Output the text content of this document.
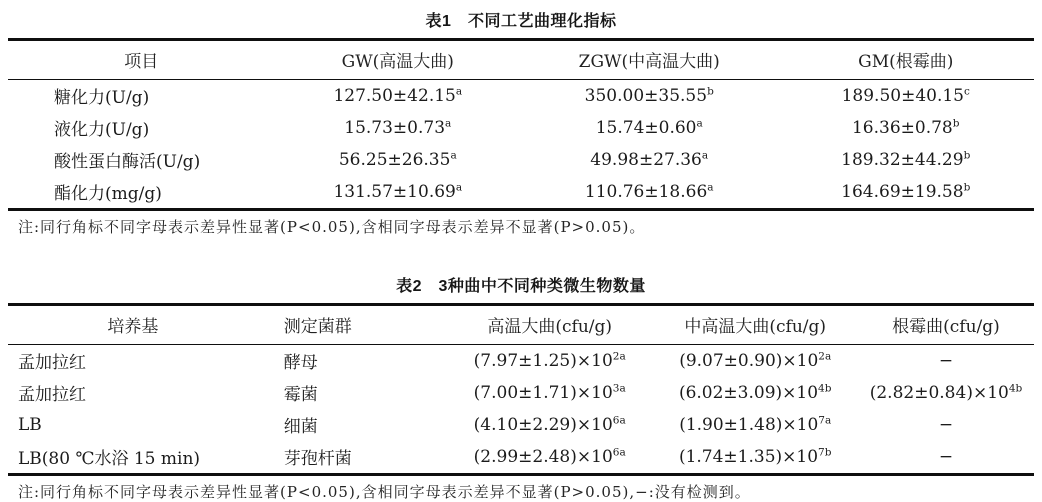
表1　不同工艺曲理化指标
项目	GW(高温大曲)	ZGW(中高温大曲)	GM(根霉曲)
糖化力(U/g)	127.50±42.15$^a$	350.00±35.55$^b$	189.50±40.15$^c$
液化力(U/g)	15.73±0.73$^a$	15.74±0.60$^a$	16.36±0.78$^b$
酸性蛋白酶活(U/g)	56.25±26.35$^a$	49.98±27.36$^a$	189.32±44.29$^b$
酯化力(mg/g)	131.57±10.69$^a$	110.76±18.66$^a$	164.69±19.58$^b$
注:同行角标不同字母表示差异性显著(P<0.05),含相同字母表示差异不显著(P>0.05)。
表2　3种曲中不同种类微生物数量
培养基	测定菌群	高温大曲(cfu/g)	中高温大曲(cfu/g)	根霉曲(cfu/g)
孟加拉红	酵母	$(7.97\pm 1.25)\times 10^{2a}$	$(9.07\pm 0.90)\times 10^{2a}$	−
孟加拉红	霉菌	$(7.00\pm 1.71)\times 10^{3a}$	$(6.02\pm 3.09)\times 10^{4b}$	$(2.82\pm 0.84)\times 10^{4b}$
LB	细菌	$(4.10\pm 2.29)\times 10^{6a}$	$(1.90\pm 1.48)\times 10^{7a}$	−
LB(80 ℃水浴 15 min)	芽孢杆菌	$(2.99\pm 2.48)\times 10^{6a}$	$(1.74\pm 1.35)\times 10^{7b}$	−
注:同行角标不同字母表示差异性显著(P<0.05),含相同字母表示差异不显著(P>0.05),−:没有检测到。
